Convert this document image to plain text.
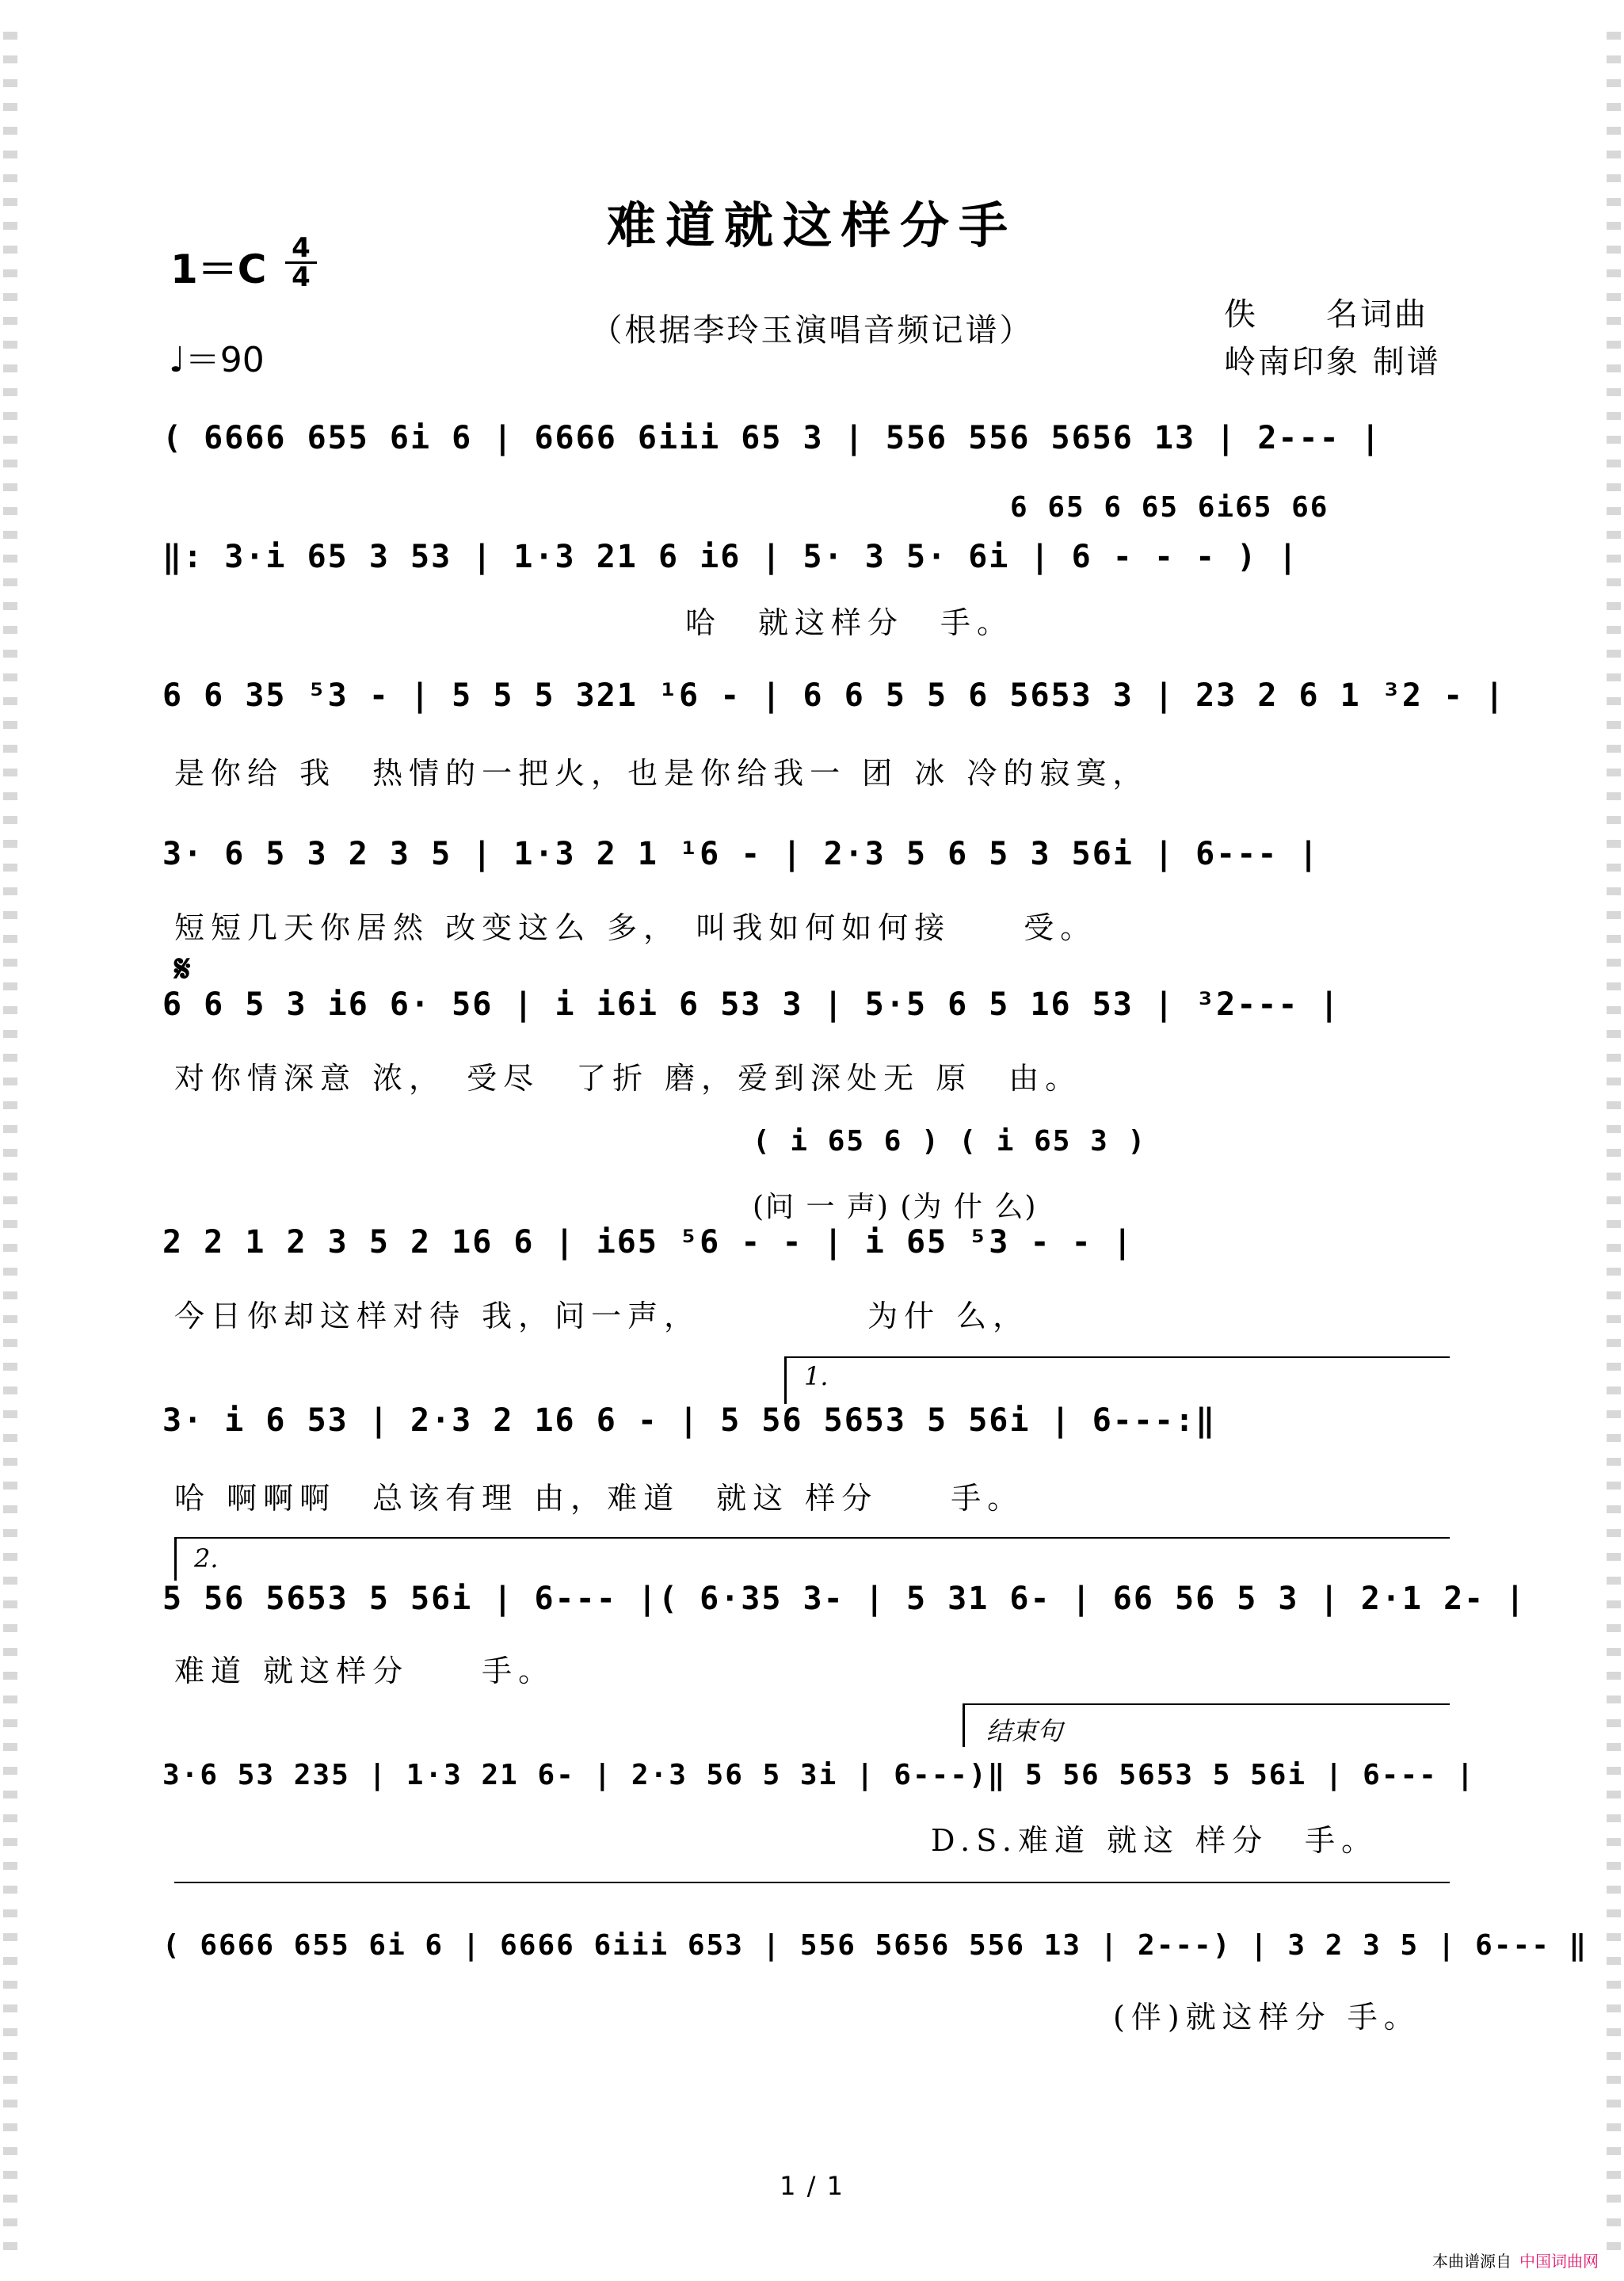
难道就这样分手
1＝C 4
4
♩＝90
（根据李玲玉演唱音频记谱）	佚　　名词曲
岭南印象 制谱
( 6666 655 6i 6 | 6666 6iii 65 3 | 556 556 5656 13 | 2--- |
6 65 6 65 6i65 66
‖: 3·i 65 3 53 | 1·3 21 6 i6 | 5· 3 5· 6i | 6 - - - ) |
哈　就这样分　手。
6 6 35 ⁵3 - | 5 5 5 321 ¹6 - | 6 6 5 5 6 5653 3 | 23 2 6 1 ³2 - |
是你给 我　热情的一把火，也是你给我一 团 冰 冷的寂寞，
3· 6 5 3 2 3 5 | 1·3 2 1 ¹6 - | 2·3 5 6 5 3 56i | 6--- |
短短几天你居然 改变这么 多， 叫我如何如何接　　受。
𝄋
6 6 5 3 i6 6· 56 | i i6i 6 53 3 | 5·5 6 5 16 53 | ³2--- |
对你情深意 浓，　受尽　了折 磨，爱到深处无 原　由。
( i 65 6 ) ( i 65 3 )
(问 一 声) (为 什 么)
2 2 1 2 3 5 2 16 6 | i65 ⁵6 - - | i 65 ⁵3 - - |
今日你却这样对待 我，问一声，　　　　　为什 么，
1.
3· i 6 53 | 2·3 2 16 6 - | 5 56 5653 5 56i | 6---:‖
哈 啊啊啊　总该有理 由，难道　就这 样分　　手。
2.
5 56 5653 5 56i | 6--- |( 6·35 3- | 5 31 6- | 66 56 5 3 | 2·1 2- |
难道 就这样分　　手。
结束句
3·6 53 235 | 1·3 21 6- | 2·3 56 5 3i | 6---)‖ 5 56 5653 5 56i | 6--- |
D.S.难道 就这 样分　手。
( 6666 655 6i 6 | 6666 6iii 653 | 556 5656 556 13 | 2---) | 3 2 3 5 | 6--- ‖
(伴)就这样分 手。
1 / 1
本曲谱源自 中国词曲网
